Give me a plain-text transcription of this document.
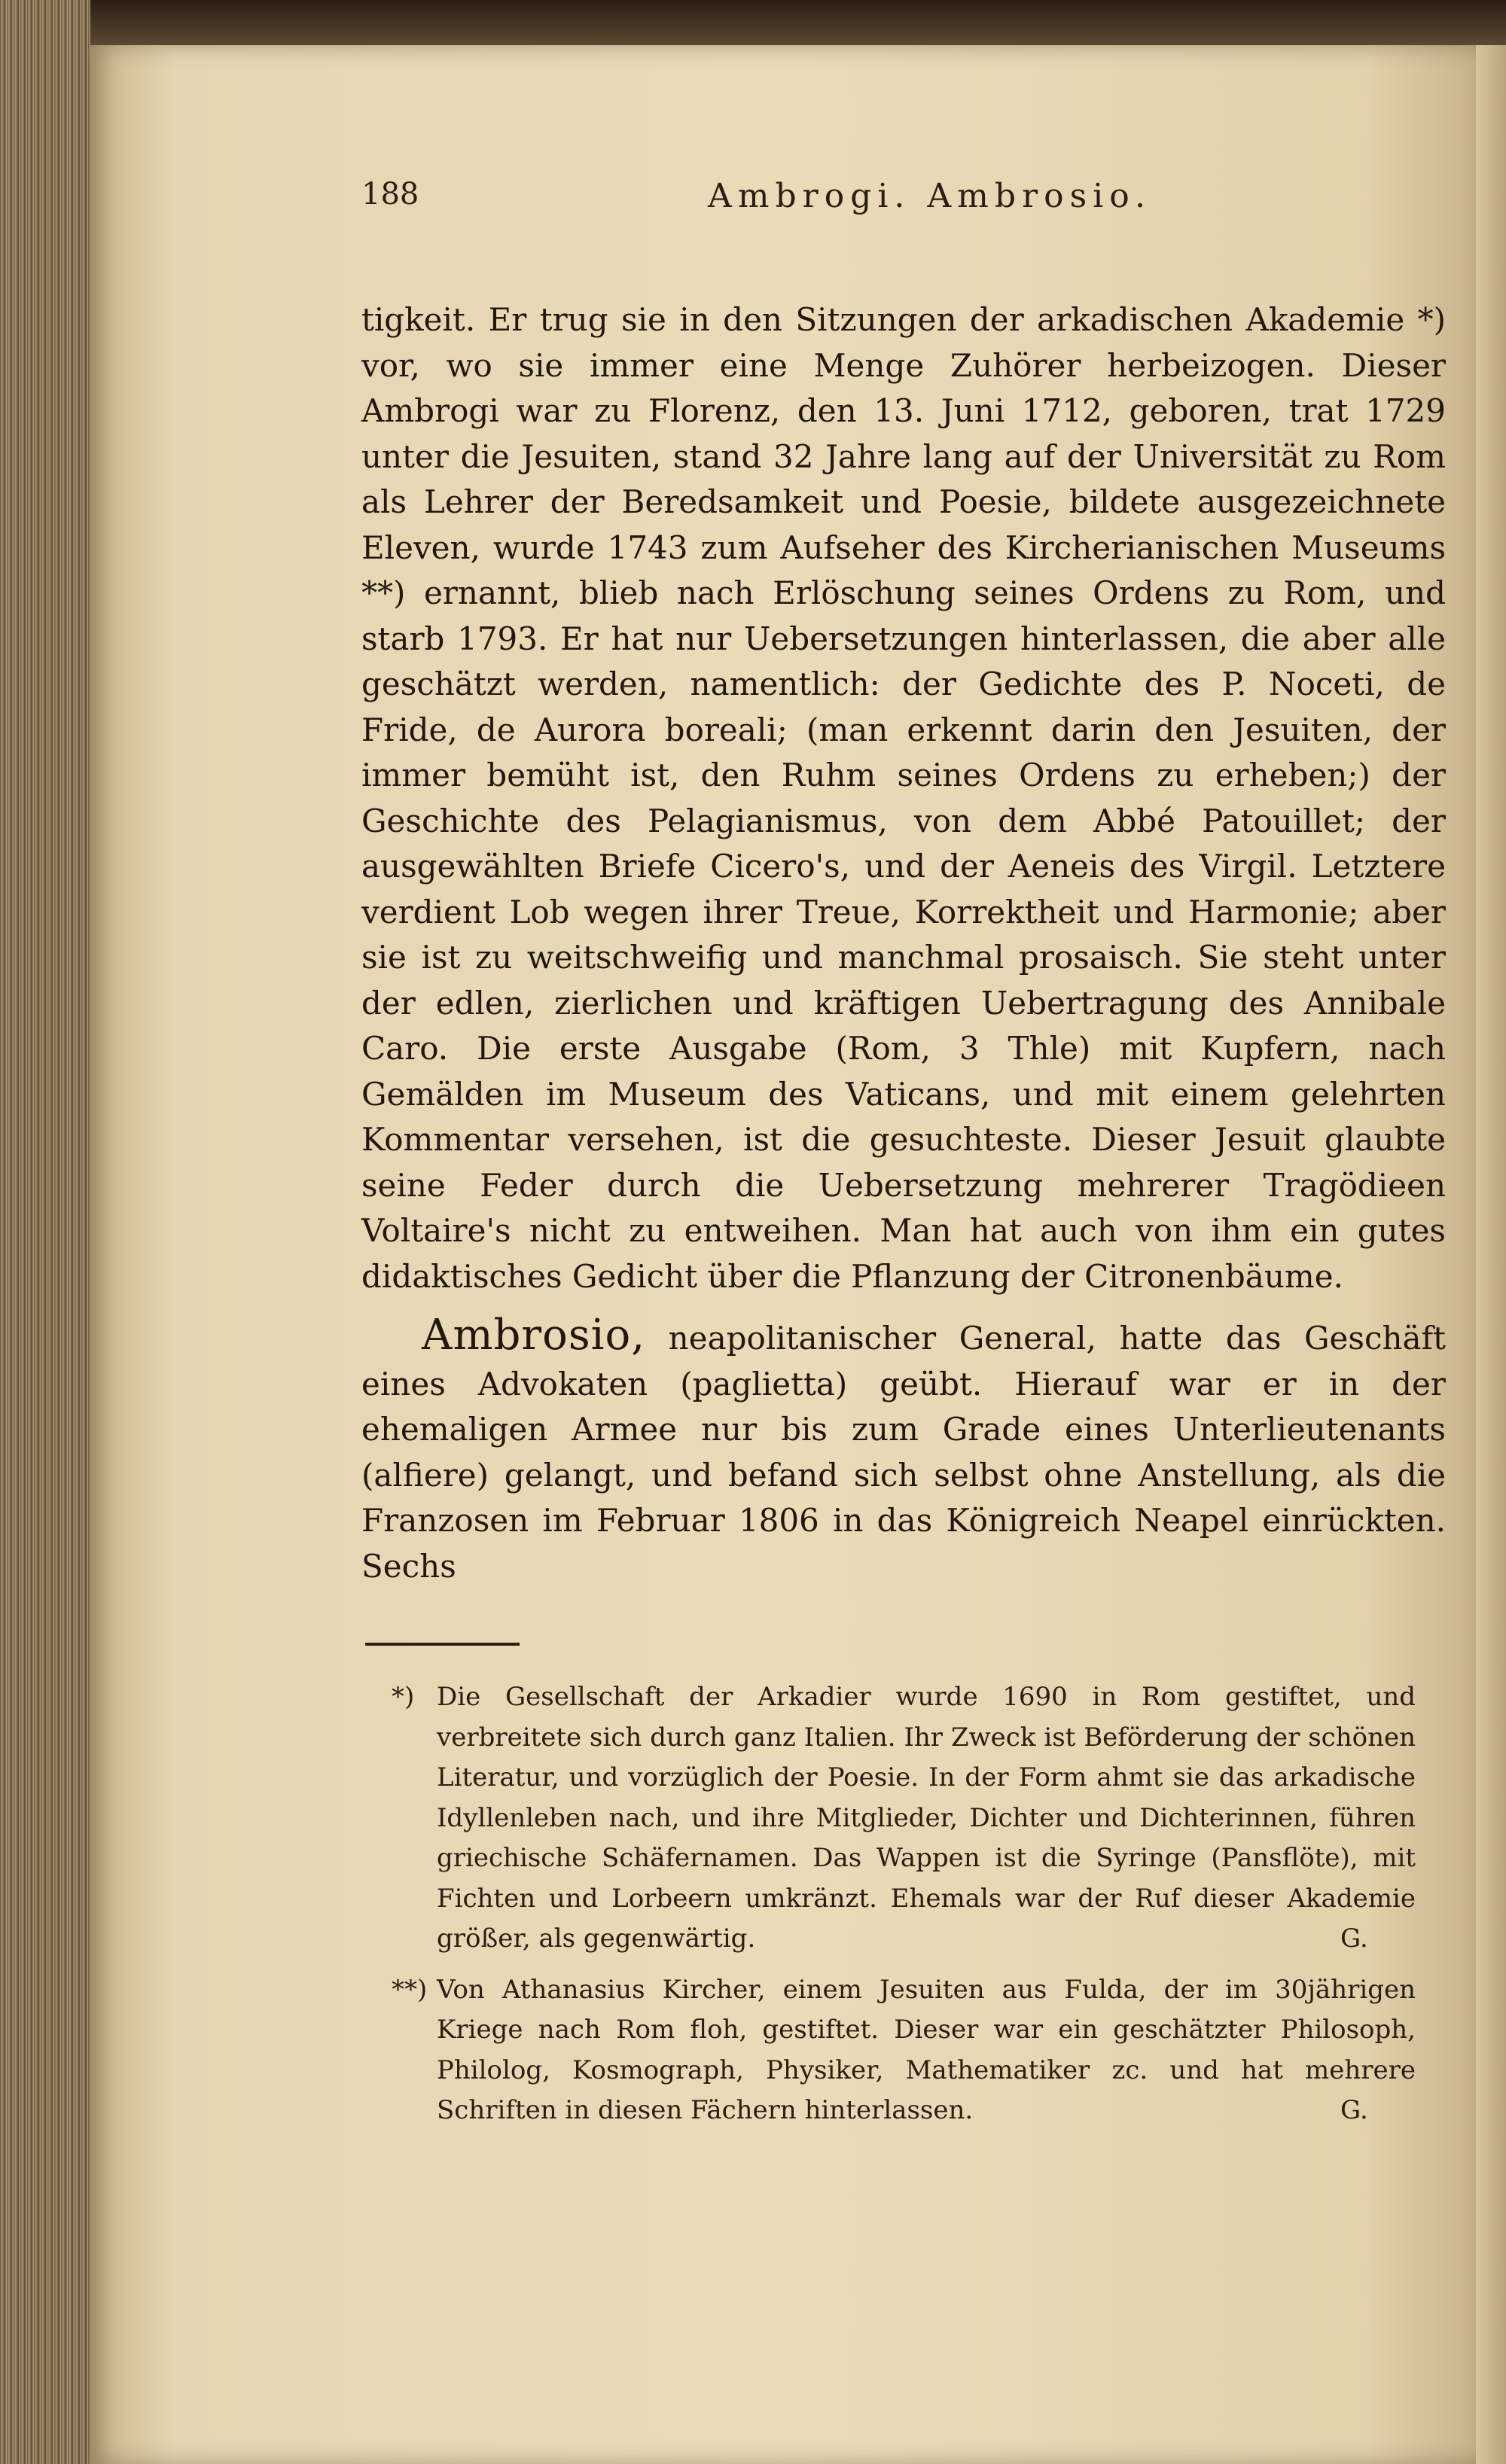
188	Ambrogi. Ambrosio.

tigkeit. Er trug sie in den Sitzungen der arkadischen Akademie *) vor, wo sie immer eine Menge Zuhörer herbeizogen. Dieser Ambrogi war zu Florenz, den 13. Juni 1712, geboren, trat 1729 unter die Jesuiten, stand 32 Jahre lang auf der Universität zu Rom als Lehrer der Beredsamkeit und Poesie, bildete ausgezeichnete Eleven, wurde 1743 zum Aufseher des Kircherianischen Museums **) ernannt, blieb nach Erlöschung seines Ordens zu Rom, und starb 1793. Er hat nur Uebersetzungen hinterlassen, die aber alle geschätzt werden, namentlich: der Gedichte des P. Noceti, de Fride, de Aurora boreali; (man erkennt darin den Jesuiten, der immer bemüht ist, den Ruhm seines Ordens zu erheben;) der Geschichte des Pelagianismus, von dem Abbé Patouillet; der ausgewählten Briefe Cicero's, und der Aeneis des Virgil. Letztere verdient Lob wegen ihrer Treue, Korrektheit und Harmonie; aber sie ist zu weitschweifig und manchmal prosaisch. Sie steht unter der edlen, zierlichen und kräftigen Uebertragung des Annibale Caro. Die erste Ausgabe (Rom, 3 Thle) mit Kupfern, nach Gemälden im Museum des Vaticans, und mit einem gelehrten Kommentar versehen, ist die gesuchteste. Dieser Jesuit glaubte seine Feder durch die Uebersetzung mehrerer Tragödieen Voltaire's nicht zu entweihen. Man hat auch von ihm ein gutes didaktisches Gedicht über die Pflanzung der Citronenbäume.

Ambrosio, neapolitanischer General, hatte das Geschäft eines Advokaten (paglietta) geübt. Hierauf war er in der ehemaligen Armee nur bis zum Grade eines Unterlieutenants (alfiere) gelangt, und befand sich selbst ohne Anstellung, als die Franzosen im Februar 1806 in das Königreich Neapel einrückten. Sechs

*) Die Gesellschaft der Arkadier wurde 1690 in Rom gestiftet, und verbreitete sich durch ganz Italien. Ihr Zweck ist Beförderung der schönen Literatur, und vorzüglich der Poesie. In der Form ahmt sie das arkadische Idyllenleben nach, und ihre Mitglieder, Dichter und Dichterinnen, führen griechische Schäfernamen. Das Wappen ist die Syringe (Pansflöte), mit Fichten und Lorbeern umkränzt. Ehemals war der Ruf dieser Akademie größer, als gegenwärtig.	G.

**) Von Athanasius Kircher, einem Jesuiten aus Fulda, der im 30jährigen Kriege nach Rom floh, gestiftet. Dieser war ein geschätzter Philosoph, Philolog, Kosmograph, Physiker, Mathematiker zc. und hat mehrere Schriften in diesen Fächern hinterlassen.	G.
